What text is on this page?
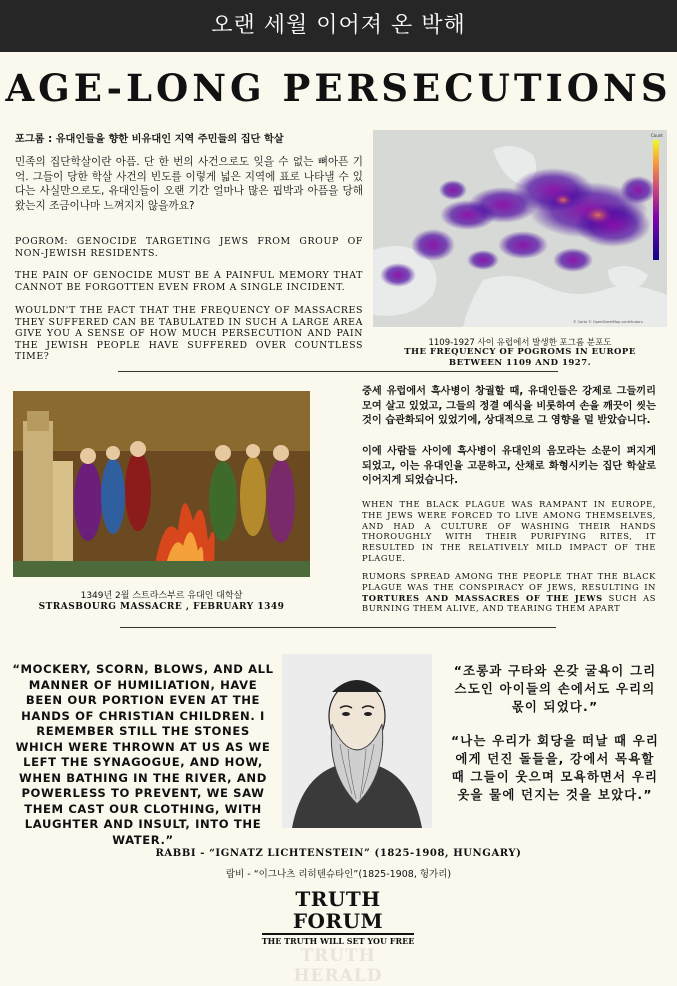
오랜 세월 이어져 온 박해
AGE-LONG PERSECUTIONS
포그롬 : 유대인들을 향한 비유대인 지역 주민들의 집단 학살
민족의 집단학살이란 아픔. 단 한 번의 사건으로도 잊을 수 없는 뼈아픈 기억. 그들이 당한 학살 사건의 빈도를 이렇게 넓은 지역에 표로 나타낼 수 있다는 사실만으로도, 유대인들이 오랜 기간 얼마나 많은 핍박과 아픔을 당해왔는지 조금이나마 느껴지지 않을까요?
POGROM: GENOCIDE TARGETING JEWS FROM GROUP OF NON-JEWISH RESIDENTS.
THE PAIN OF GENOCIDE MUST BE A PAINFUL MEMORY THAT CANNOT BE FORGOTTEN EVEN FROM A SINGLE INCIDENT.
WOULDN'T THE FACT THAT THE FREQUENCY OF MASSACRES THEY SUFFERED CAN BE TABULATED IN SUCH A LARGE AREA GIVE YOU A SENSE OF HOW MUCH PERSECUTION AND PAIN THE JEWISH PEOPLE HAVE SUFFERED OVER COUNTLESS TIME?
Count
© Carto © OpenStreetMap contributors
1109-1927 사이 유럽에서 발생한 포그롬 분포도
THE FREQUENCY OF POGROMS IN EUROPE BETWEEN 1109 AND 1927.
1349년 2월 스트라스부르 유대인 대학살
STRASBOURG MASSACRE , FEBRUARY 1349
중세 유럽에서 흑사병이 창궐할 때, 유대인들은 강제로 그들끼리 모여 살고 있었고, 그들의 정결 예식을 비롯하여 손을 깨끗이 씻는 것이 습관화되어 있었기에, 상대적으로 그 영향을 덜 받았습니다.
이에 사람들 사이에 흑사병이 유대인의 음모라는 소문이 퍼지게 되었고, 이는 유대인을 고문하고, 산채로 화형시키는 집단 학살로 이어지게 되었습니다.
WHEN THE BLACK PLAGUE WAS RAMPANT IN EUROPE, THE JEWS WERE FORCED TO LIVE AMONG THEMSELVES, AND HAD A CULTURE OF WASHING THEIR HANDS THOROUGHLY WITH THEIR PURIFYING RITES, IT RESULTED IN THE RELATIVELY MILD IMPACT OF THE PLAGUE.
RUMORS SPREAD AMONG THE PEOPLE THAT THE BLACK PLAGUE WAS THE CONSPIRACY OF JEWS, RESULTING IN TORTURES AND MASSACRES OF THE JEWS SUCH AS BURNING THEM ALIVE, AND TEARING THEM APART
“MOCKERY, SCORN, BLOWS, AND ALL MANNER OF HUMILIATION, HAVE BEEN OUR PORTION EVEN AT THE HANDS OF CHRISTIAN CHILDREN. I REMEMBER STILL THE STONES WHICH WERE THROWN AT US AS WE LEFT THE SYNAGOGUE, AND HOW, WHEN BATHING IN THE RIVER, AND POWERLESS TO PREVENT, WE SAW THEM CAST OUR CLOTHING, WITH LAUGHTER AND INSULT, INTO THE WATER.”
“조롱과 구타와 온갖 굴욕이 그리스도인 아이들의 손에서도 우리의 몫이 되었다.”
“나는 우리가 회당을 떠날 때 우리에게 던진 돌들을, 강에서 목욕할 때 그들이 웃으며 모욕하면서 우리 옷을 물에 던지는 것을 보았다.”
RABBI - “IGNATZ LICHTENSTEIN” (1825-1908, HUNGARY)
랍비 - “이그나츠 리히텐슈타인”(1825-1908, 헝가리)
TRUTH FORUM
THE TRUTH WILL SET YOU FREE
TRUTH HERALD
